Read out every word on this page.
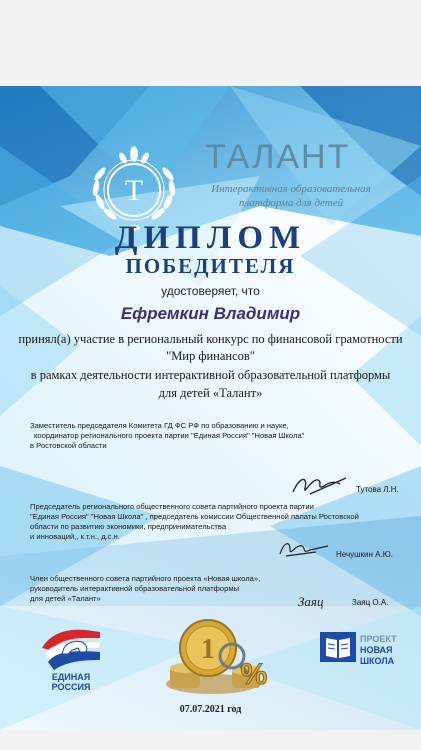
T
ТАЛАНТ
Интерактивная образовательная
платформа для детей
ДИПЛОМ
ПОБЕДИТЕЛЯ
удостоверяет, что
Ефремкин Владимир
принял(а) участие в региональный конкурс по финансовой грамотности
"Мир финансов"
в рамках деятельности интерактивной образовательной платформы
для детей «Талант»
Заместитель председателя Комитета ГД ФС РФ по образованию и науке,
координатор регионального проекта партии "Единая Россия" "Новая Школа"
в Ростовской области
Тутова Л.Н.
Председатель регионального общественного совета партийного проекта партии
"Единая Россия" "Новая Школа" , председатель комиссии Общественной палаты Ростовской
области по развитию экономики, предпринимательства
и инноваций,, к.т.н., д.с.н.
Нечушкин А.Ю.
Член общественного совета партийного проекта «Новая школа»,
руководитель интерактивной образовательной платформы
для детей «Талант»	Заяц	Заяц О.А.
ЕДИНАЯ
РОССИЯ
1
%
ПРОЕКТ
НОВАЯ
ШКОЛА
07.07.2021 год
